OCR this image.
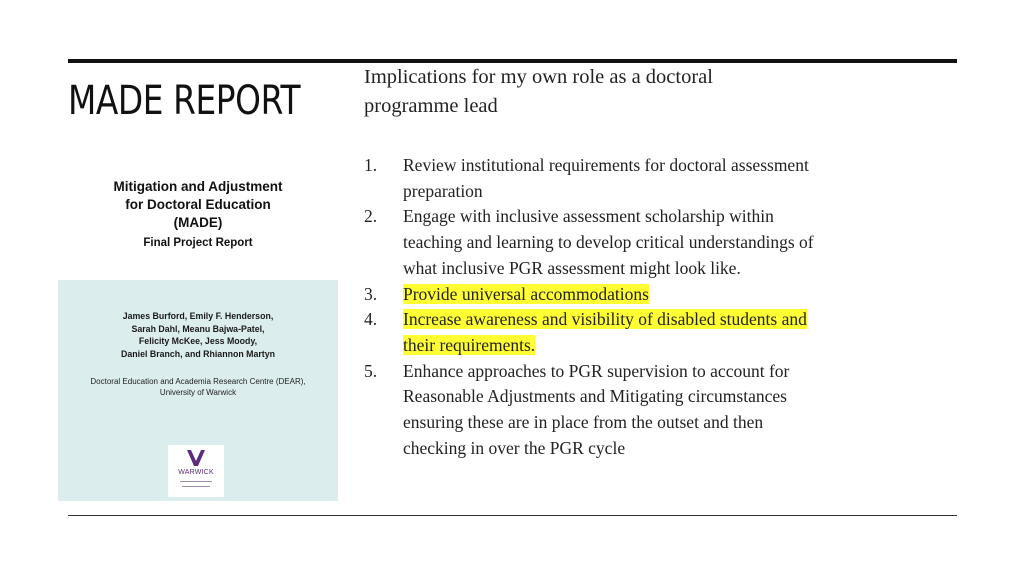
MADE REPORT
Mitigation and Adjustment
for Doctoral Education
(MADE)
Final Project Report
James Burford, Emily F. Henderson,
Sarah Dahl, Meanu Bajwa-Patel,
Felicity McKee, Jess Moody,
Daniel Branch, and Rhiannon Martyn
Doctoral Education and Academia Research Centre (DEAR),
University of Warwick
WARWICK
Implications for my own role as a doctoral
programme lead
1. Review institutional requirements for doctoral assessment
preparation
2. Engage with inclusive assessment scholarship within
teaching and learning to develop critical understandings of
what inclusive PGR assessment might look like.
3. Provide universal accommodations
4. Increase awareness and visibility of disabled students and
their requirements.
5. Enhance approaches to PGR supervision to account for
Reasonable Adjustments and Mitigating circumstances
ensuring these are in place from the outset and then
checking in over the PGR cycle
